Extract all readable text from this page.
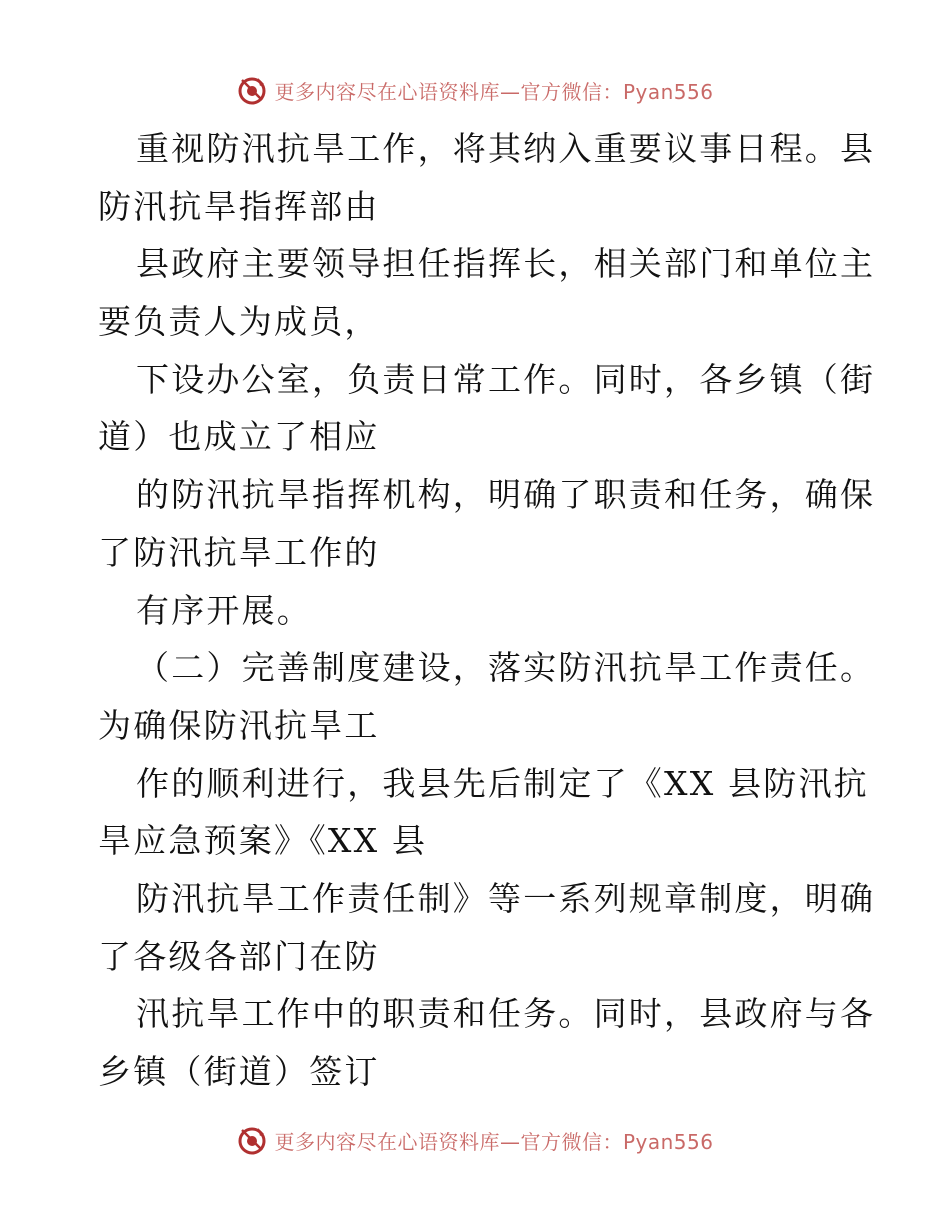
更多内容尽在心语资料库—官方微信：Pyan556
重视防汛抗旱工作，将其纳入重要议事日程。县
防汛抗旱指挥部由
县政府主要领导担任指挥长，相关部门和单位主
要负责人为成员，
下设办公室，负责日常工作。同时，各乡镇（街
道）也成立了相应
的防汛抗旱指挥机构，明确了职责和任务，确保
了防汛抗旱工作的
有序开展。
（二）完善制度建设，落实防汛抗旱工作责任。
为确保防汛抗旱工
作的顺利进行，我县先后制定了《XX 县防汛抗
旱应急预案》《XX 县
防汛抗旱工作责任制》等一系列规章制度，明确
了各级各部门在防
汛抗旱工作中的职责和任务。同时，县政府与各
乡镇（街道）签订
更多内容尽在心语资料库—官方微信：Pyan556
